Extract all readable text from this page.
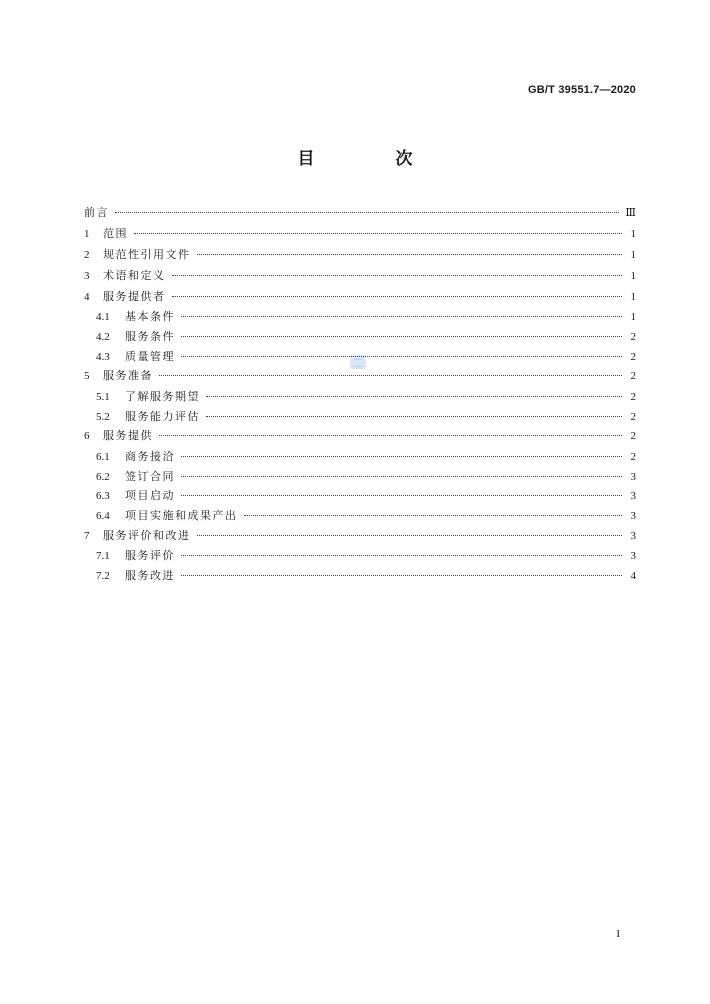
GB/T 39551.7—2020
目　次
前言	Ⅲ
1	范围	1
2	规范性引用文件	1
3	术语和定义	1
4	服务提供者	1
4.1	基本条件	1
4.2	服务条件	2
4.3	质量管理	2
5	服务准备	2
5.1	了解服务期望	2
5.2	服务能力评估	2
6	服务提供	2
6.1	商务接洽	2
6.2	签订合同	3
6.3	项目启动	3
6.4	项目实施和成果产出	3
7	服务评价和改进	3
7.1	服务评价	3
7.2	服务改进	4
I
